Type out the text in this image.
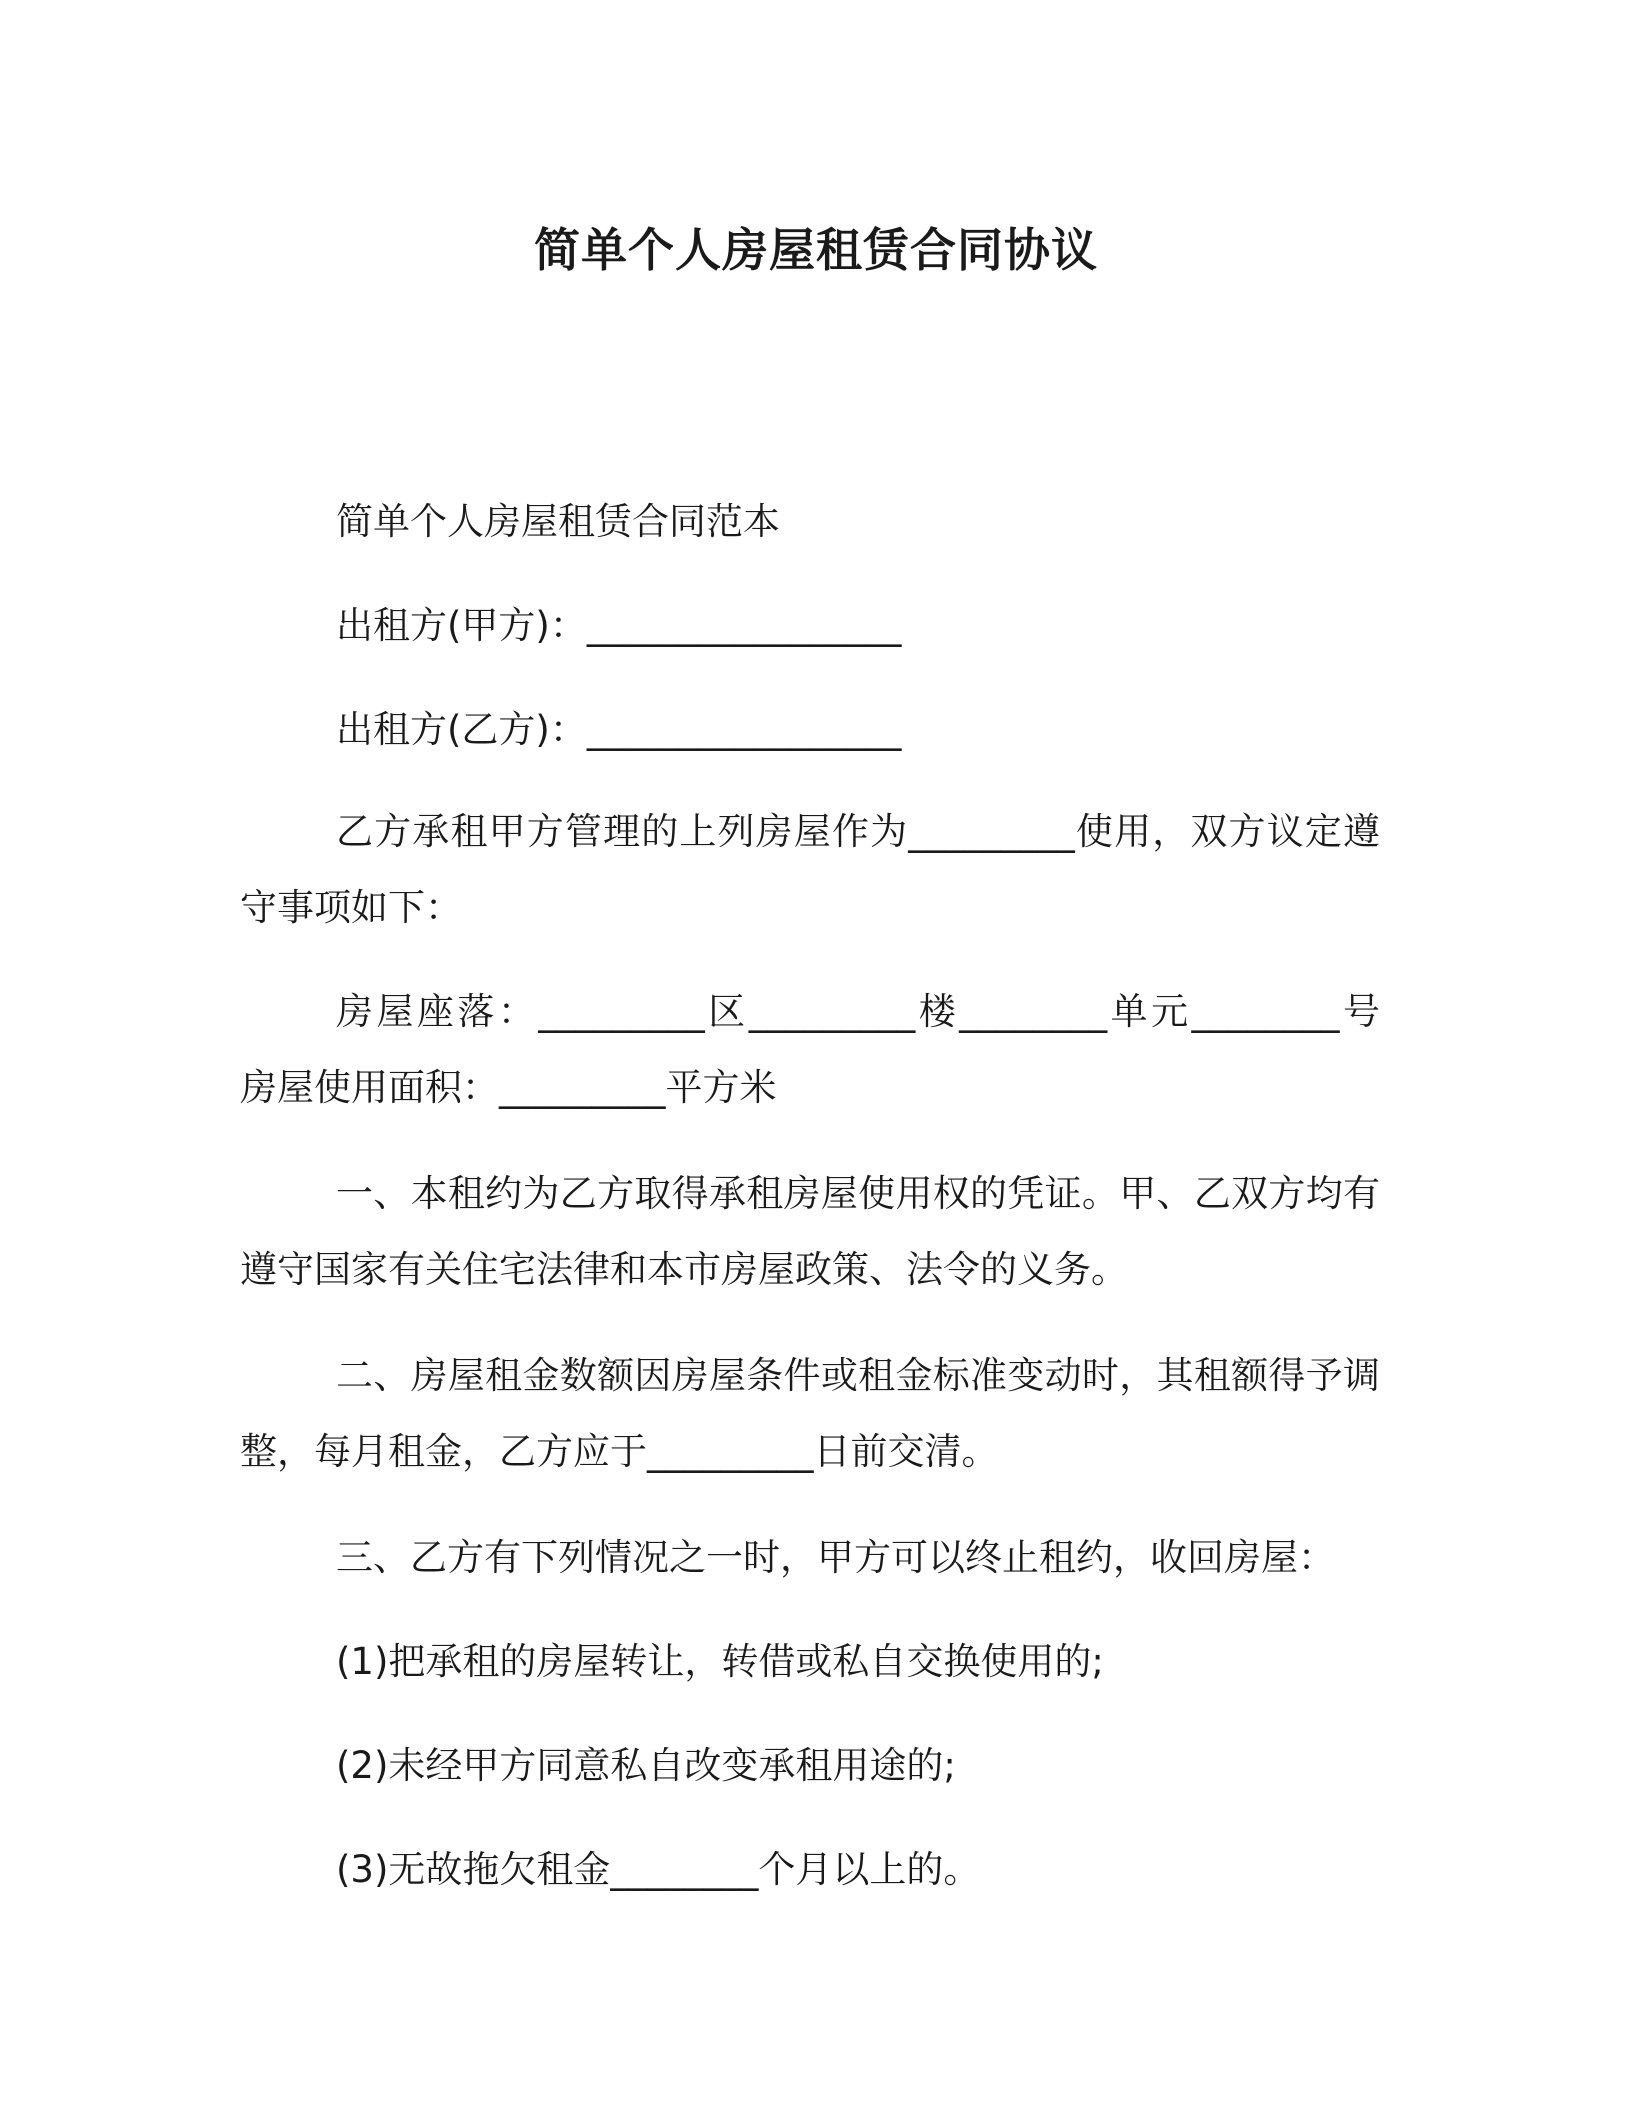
简单个人房屋租赁合同协议
简单个人房屋租赁合同范本
出租方(甲方)：_________________
出租方(乙方)：_________________
乙方承租甲方管理的上列房屋作为_________使用，双方议定遵守事项如下：
房屋座落：_________区_________楼________单元________号 房屋使用面积：_________平方米
一、本租约为乙方取得承租房屋使用权的凭证。甲、乙双方均有遵守国家有关住宅法律和本市房屋政策、法令的义务。
二、房屋租金数额因房屋条件或租金标准变动时，其租额得予调整，每月租金，乙方应于_________日前交清。
三、乙方有下列情况之一时，甲方可以终止租约，收回房屋：
(1)把承租的房屋转让，转借或私自交换使用的;
(2)未经甲方同意私自改变承租用途的;
(3)无故拖欠租金________个月以上的。
